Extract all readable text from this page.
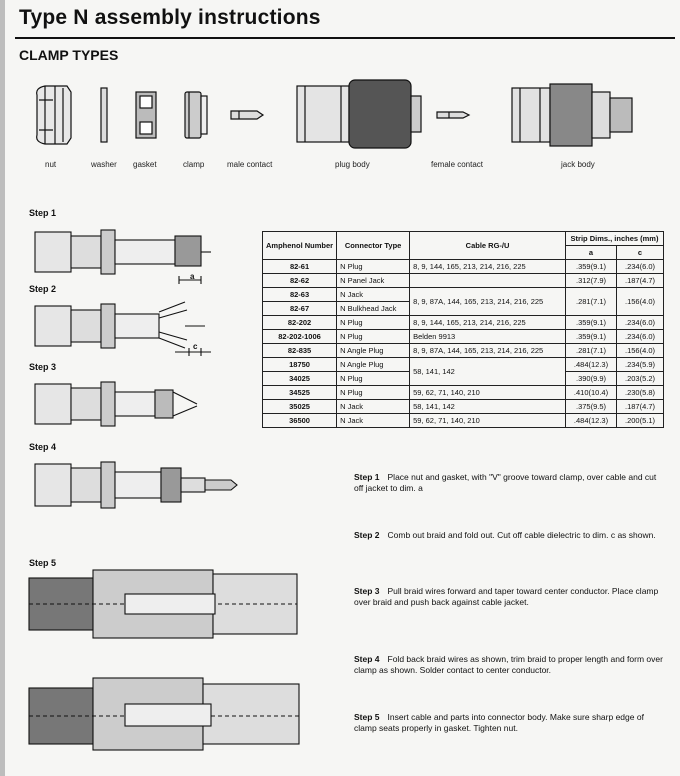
Type N assembly instructions
CLAMP TYPES
nut	washer gasket	clamp	male contact	plug body	female contact	jack body
Step 1
Step 2
Step 3
Step 4
Step 5
a
c
Amphenol Number	Connector Type	Cable RG-/U	Strip Dims., inches (mm)	
			a	c
82-61	N Plug	8, 9, 144, 165, 213, 214, 216, 225	.359(9.1)	.234(6.0)
82-62	N Panel Jack		.312(7.9)	.187(4.7)
82-63	N Jack	8, 9, 87A, 144, 165, 213, 214, 216, 225	.281(7.1)	.156(4.0)
82-67	N Bulkhead Jack			
82-202	N Plug	8, 9, 144, 165, 213, 214, 216, 225	.359(9.1)	.234(6.0)
82-202-1006	N Plug	Belden 9913	.359(9.1)	.234(6.0)
82-835	N Angle Plug	8, 9, 87A, 144, 165, 213, 214, 216, 225	.281(7.1)	.156(4.0)
18750	N Angle Plug	58, 141, 142	.484(12.3)	.234(5.9)
34025	N Plug		.390(9.9)	.203(5.2)
34525	N Plug	59, 62, 71, 140, 210	.410(10.4)	.230(5.8)
35025	N Jack	58, 141, 142	.375(9.5)	.187(4.7)
36500	N Jack	59, 62, 71, 140, 210	.484(12.3)	.200(5.1)
Step 1 Place nut and gasket, with "V" groove toward clamp, over cable and cut off jacket to dim. a
Step 2 Comb out braid and fold out. Cut off cable dielectric to dim. c as shown.
Step 3 Pull braid wires forward and taper toward center conductor. Place clamp over braid and push back against cable jacket.
Step 4 Fold back braid wires as shown, trim braid to proper length and form over clamp as shown. Solder contact to center conductor.
Step 5 Insert cable and parts into connector body. Make sure sharp edge of clamp seats properly in gasket. Tighten nut.
